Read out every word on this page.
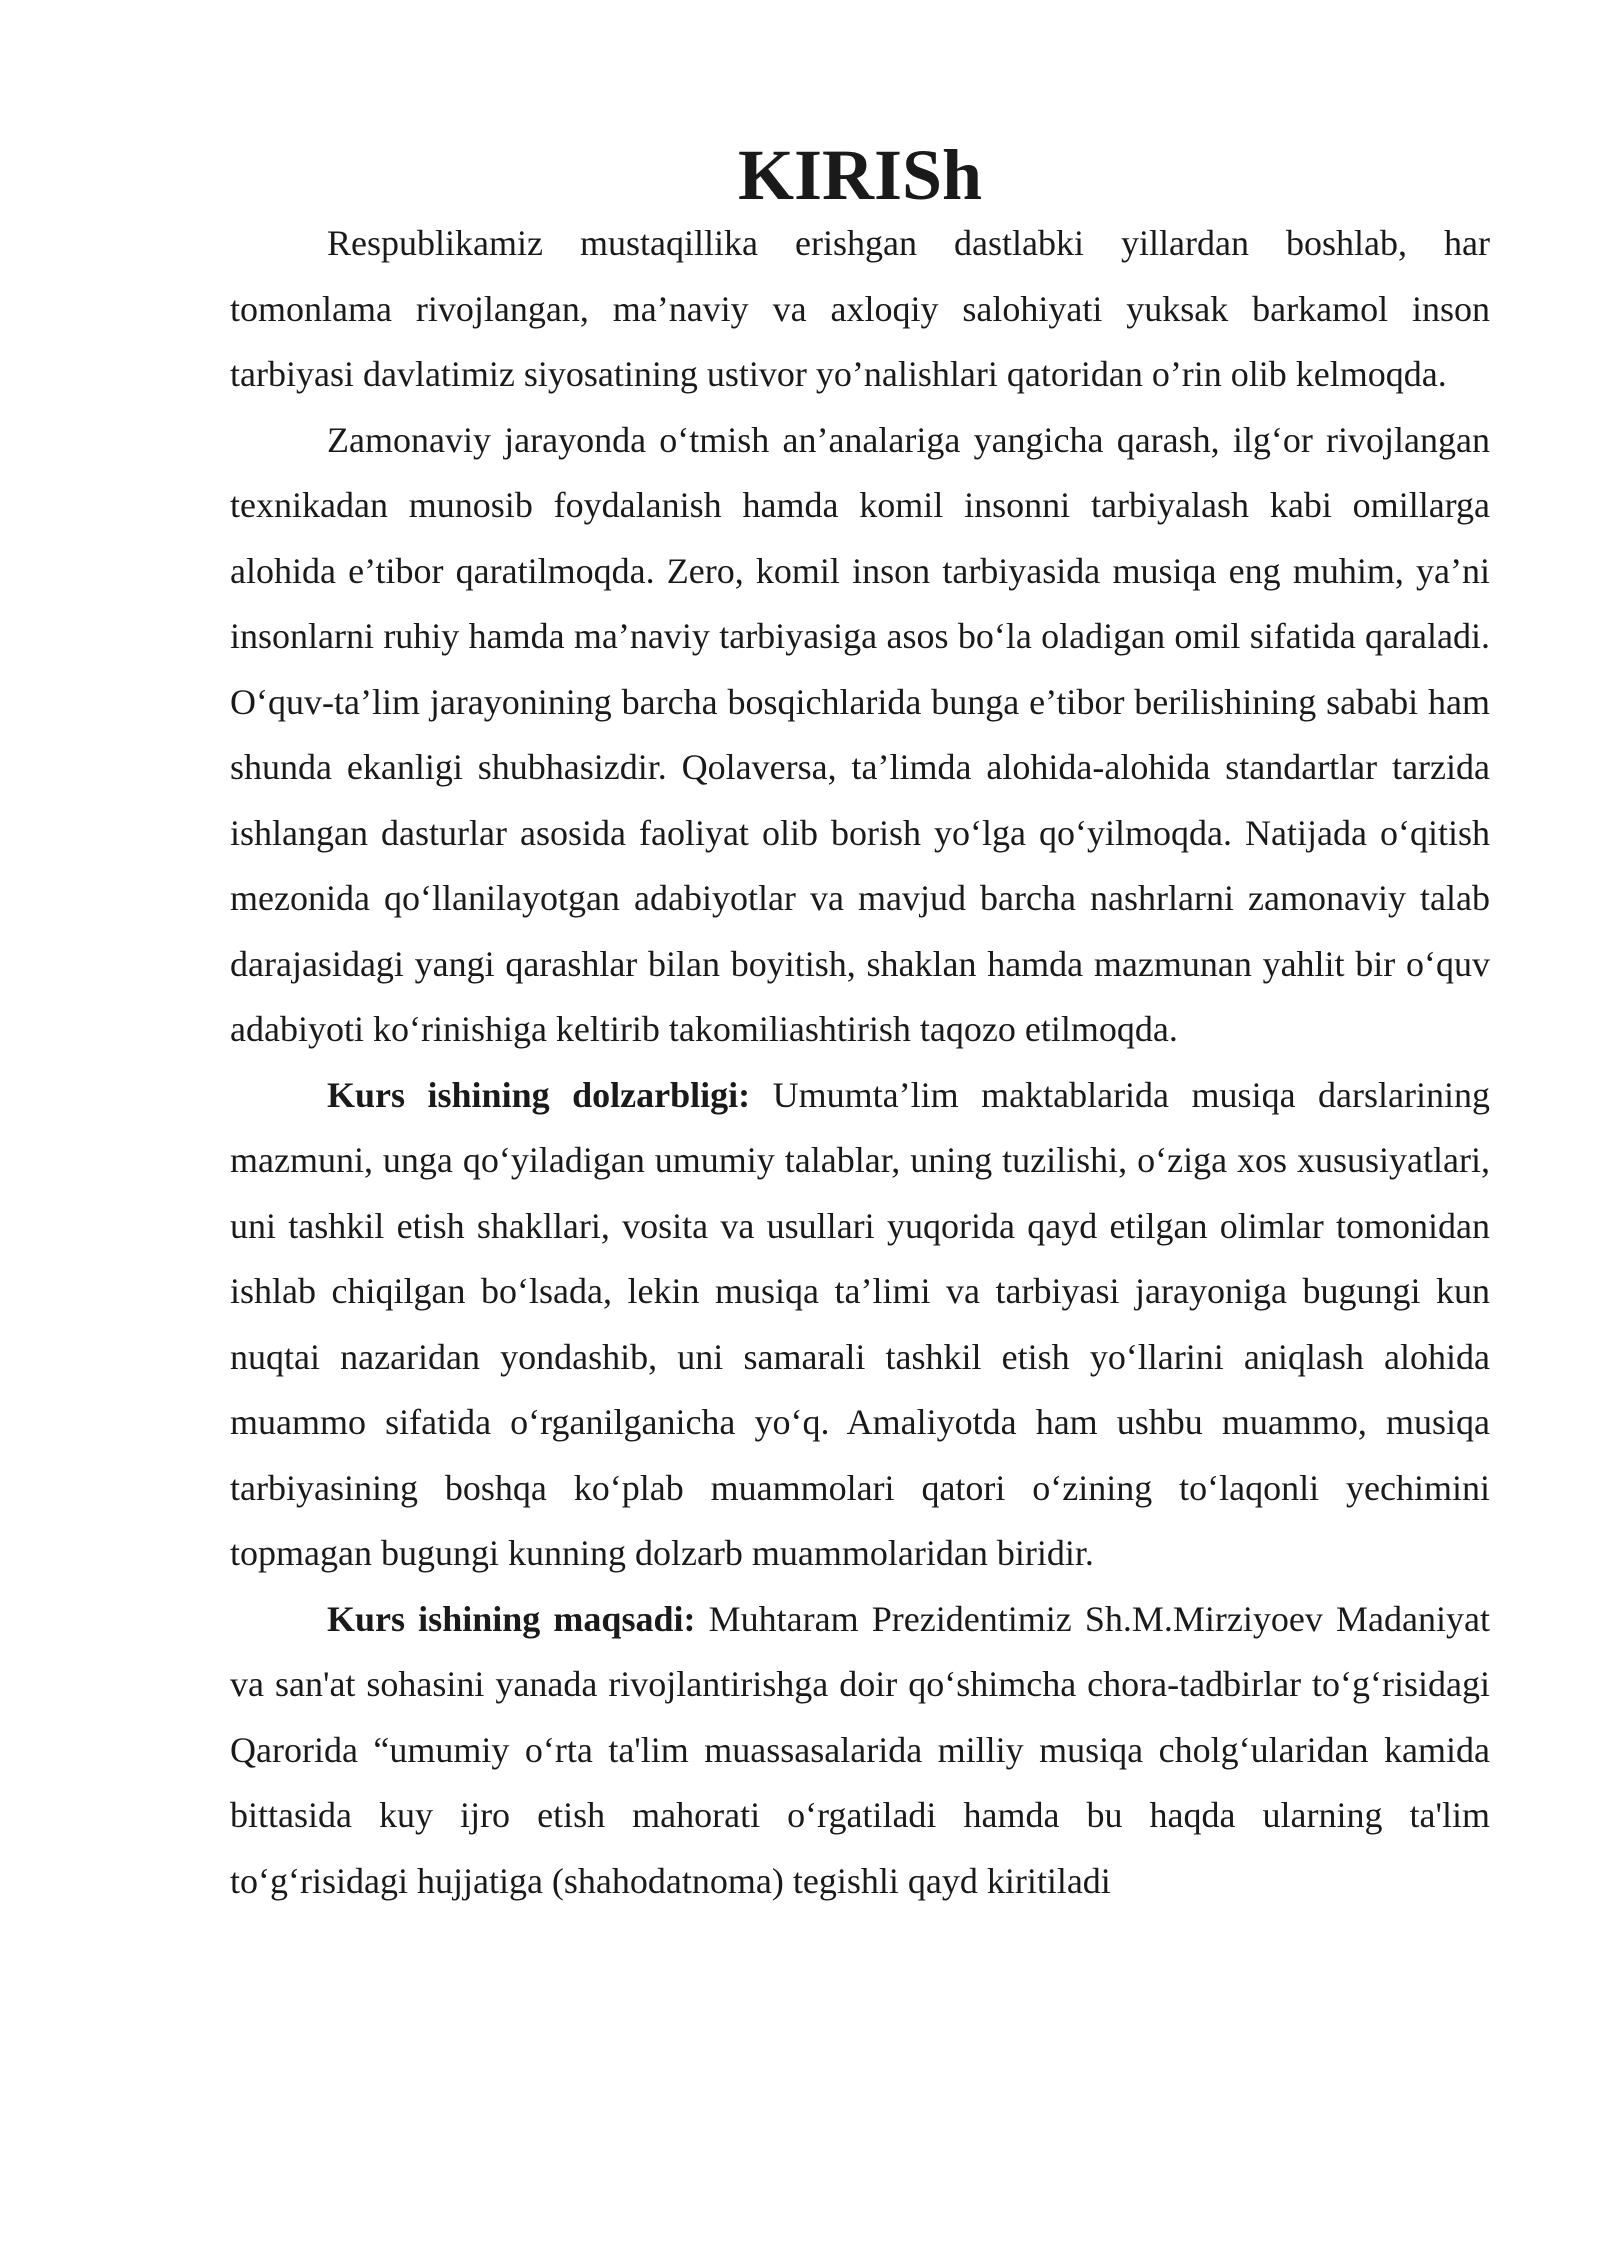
KIRISh

Respublikamiz mustaqillika erishgan dastlabki yillardan boshlab, har tomonlama rivojlangan, ma’naviy va axloqiy salohiyati yuksak barkamol inson tarbiyasi davlatimiz siyosatining ustivor yo’nalishlari qatoridan o’rin olib kelmoqda.

Zamonaviy jarayonda o‘tmish an’analariga yangicha qarash, ilg‘or rivojlangan texnikadan munosib foydalanish hamda komil insonni tarbiyalash kabi omillarga alohida e’tibor qaratilmoqda. Zero, komil inson tarbiyasida musiqa eng muhim, ya’ni insonlarni ruhiy hamda ma’naviy tarbiyasiga asos bo‘la oladigan omil sifatida qaraladi. O‘quv-ta’lim jarayonining barcha bosqichlarida bunga e’tibor berilishining sababi ham shunda ekanligi shubhasizdir. Qolaversa, ta’limda alohida-alohida standartlar tarzida ishlangan dasturlar asosida faoliyat olib borish yo‘lga qo‘yilmoqda. Natijada o‘qitish mezonida qo‘llanilayotgan adabiyotlar va mavjud barcha nashrlarni zamonaviy talab darajasidagi yangi qarashlar bilan boyitish, shaklan hamda mazmunan yahlit bir o‘quv adabiyoti ko‘rinishiga keltirib takomiliashtirish taqozo etilmoqda.

Kurs ishining dolzarbligi: Umumta’lim maktablarida musiqa darslarining mazmuni, unga qo‘yiladigan umumiy talablar, uning tuzilishi, o‘ziga xos xususiyatlari, uni tashkil etish shakllari, vosita va usullari yuqorida qayd etilgan olimlar tomonidan ishlab chiqilgan bo‘lsada, lekin musiqa ta’limi va tarbiyasi jarayoniga bugungi kun nuqtai nazaridan yondashib, uni samarali tashkil etish yo‘llarini aniqlash alohida muammo sifatida o‘rganilganicha yo‘q. Amaliyotda ham ushbu muammo, musiqa tarbiyasining boshqa ko‘plab muammolari qatori o‘zining to‘laqonli yechimini topmagan bugungi kunning dolzarb muammolaridan biridir.

Kurs ishining maqsadi: Muhtaram Prezidentimiz Sh.M.Mirziyoev Madaniyat va san'at sohasini yanada rivojlantirishga doir qo‘shimcha chora-tadbirlar to‘g‘risidagi Qarorida “umumiy o‘rta ta'lim muassasalarida milliy musiqa cholg‘ularidan kamida bittasida kuy ijro etish mahorati o‘rgatiladi hamda bu haqda ularning ta'lim to‘g‘risidagi hujjatiga (shahodatnoma) tegishli qayd kiritiladi
